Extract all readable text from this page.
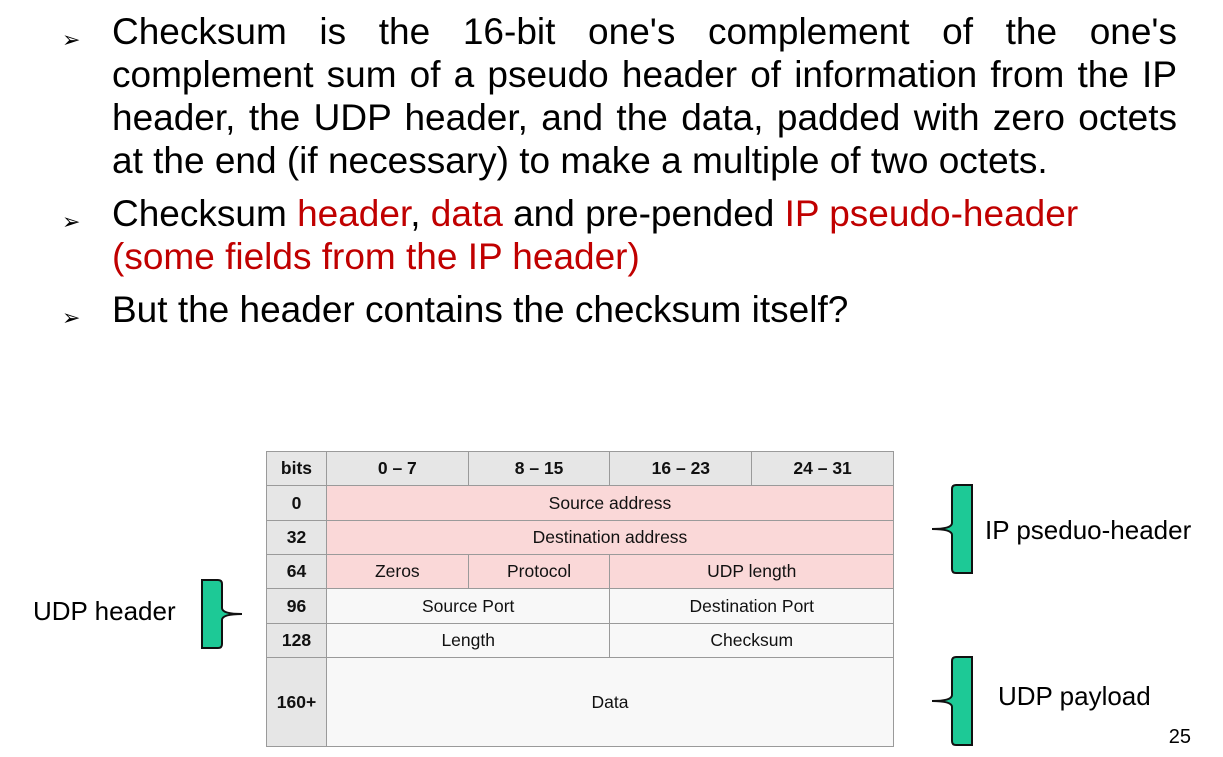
➢ Checksum is the 16-bit one's complement of the one's complement sum of a pseudo header of information from the IP header, the UDP header, and the data, padded with zero octets at the end (if necessary) to make a multiple of two octets.
➢ Checksum header, data and pre-pended IP pseudo-header (some fields from the IP header)
➢ But the header contains the checksum itself?
bits	0 – 7	8 – 15	16 – 23	24 – 31
0	Source address			
32	Destination address			
64	Zeros	Protocol	UDP length	
96	Source Port		Destination Port	
128	Length		Checksum	
160+	Data			
IP pseduo-header
UDP header
UDP payload
25
